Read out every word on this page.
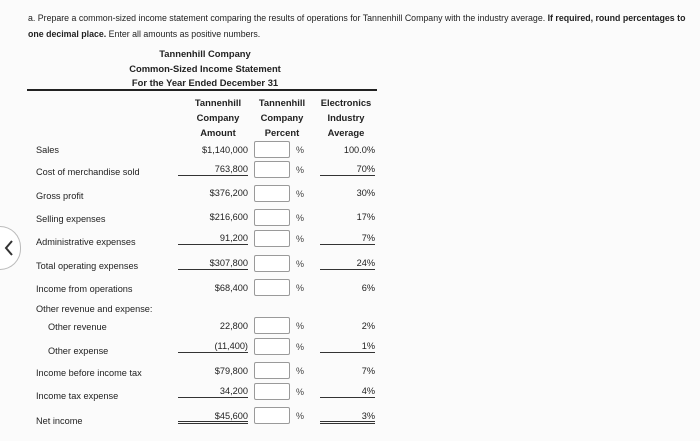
a. Prepare a common-sized income statement comparing the results of operations for Tannenhill Company with the industry average. If required, round percentages to one decimal place. Enter all amounts as positive numbers.
Tannenhill Company
Common-Sized Income Statement
For the Year Ended December 31
Tannenhill
Company
Amount
Tannenhill
Company
Percent
Electronics
Industry
Average
Sales	$1,140,000	%	100.0%
Cost of merchandise sold	763,800	%	70%
Gross profit	$376,200	%	30%
Selling expenses	$216,600	%	17%
Administrative expenses	91,200	%	7%
Total operating expenses	$307,800	%	24%
Income from operations	$68,400	%	6%
Other revenue and expense:
Other revenue	22,800	%	2%
Other expense	(11,400)	%	1%
Income before income tax	$79,800	%	7%
Income tax expense	34,200	%	4%
Net income	$45,600	%	3%
